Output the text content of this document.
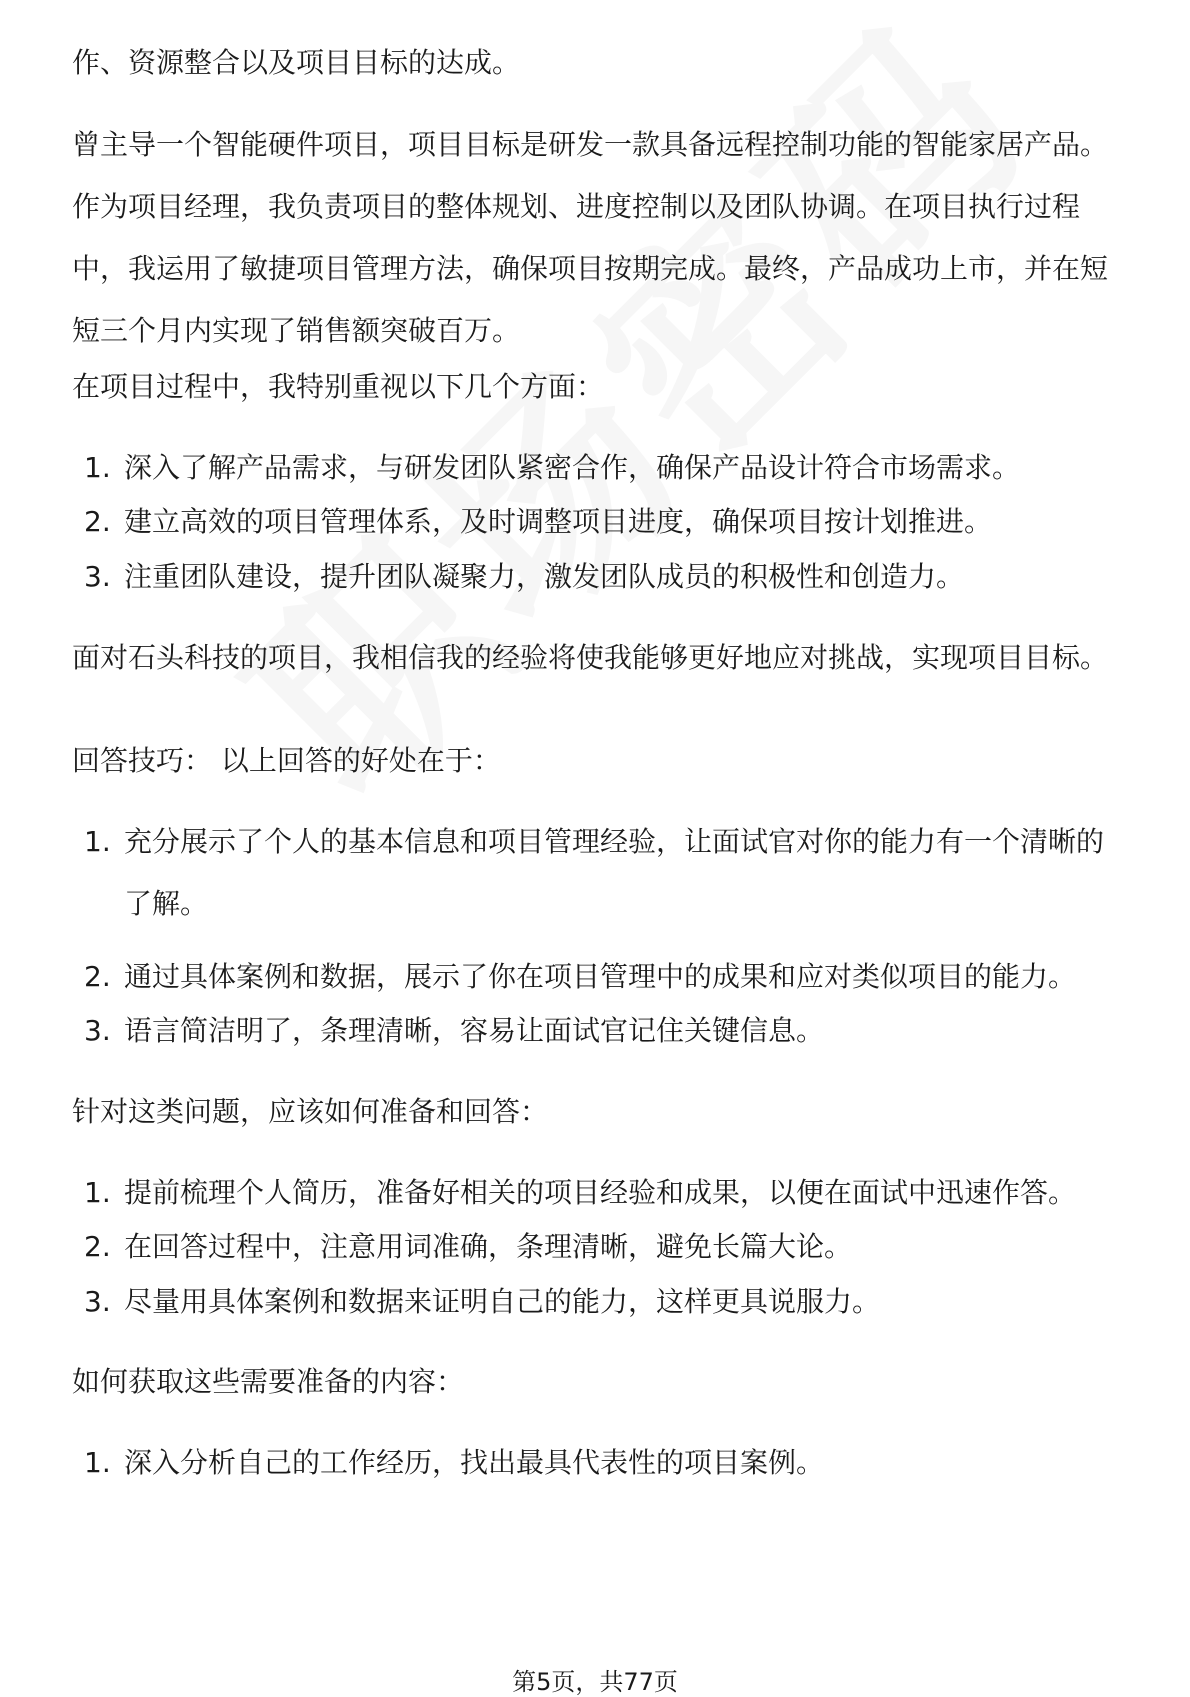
作、资源整合以及项目目标的达成。

曾主导一个智能硬件项目，项目目标是研发一款具备远程控制功能的智能家居产品。作为项目经理，我负责项目的整体规划、进度控制以及团队协调。在项目执行过程中，我运用了敏捷项目管理方法，确保项目按期完成。最终，产品成功上市，并在短短三个月内实现了销售额突破百万。

在项目过程中，我特别重视以下几个方面：

1. 深入了解产品需求，与研发团队紧密合作，确保产品设计符合市场需求。
2. 建立高效的项目管理体系，及时调整项目进度，确保项目按计划推进。
3. 注重团队建设，提升团队凝聚力，激发团队成员的积极性和创造力。

面对石头科技的项目，我相信我的经验将使我能够更好地应对挑战，实现项目目标。

回答技巧： 以上回答的好处在于：

1. 充分展示了个人的基本信息和项目管理经验，让面试官对你的能力有一个清晰的了解。
2. 通过具体案例和数据，展示了你在项目管理中的成果和应对类似项目的能力。
3. 语言简洁明了，条理清晰，容易让面试官记住关键信息。

针对这类问题，应该如何准备和回答：

1. 提前梳理个人简历，准备好相关的项目经验和成果，以便在面试中迅速作答。
2. 在回答过程中，注意用词准确，条理清晰，避免长篇大论。
3. 尽量用具体案例和数据来证明自己的能力，这样更具说服力。

如何获取这些需要准备的内容：

1. 深入分析自己的工作经历，找出最具代表性的项目案例。
第5页，共77页
